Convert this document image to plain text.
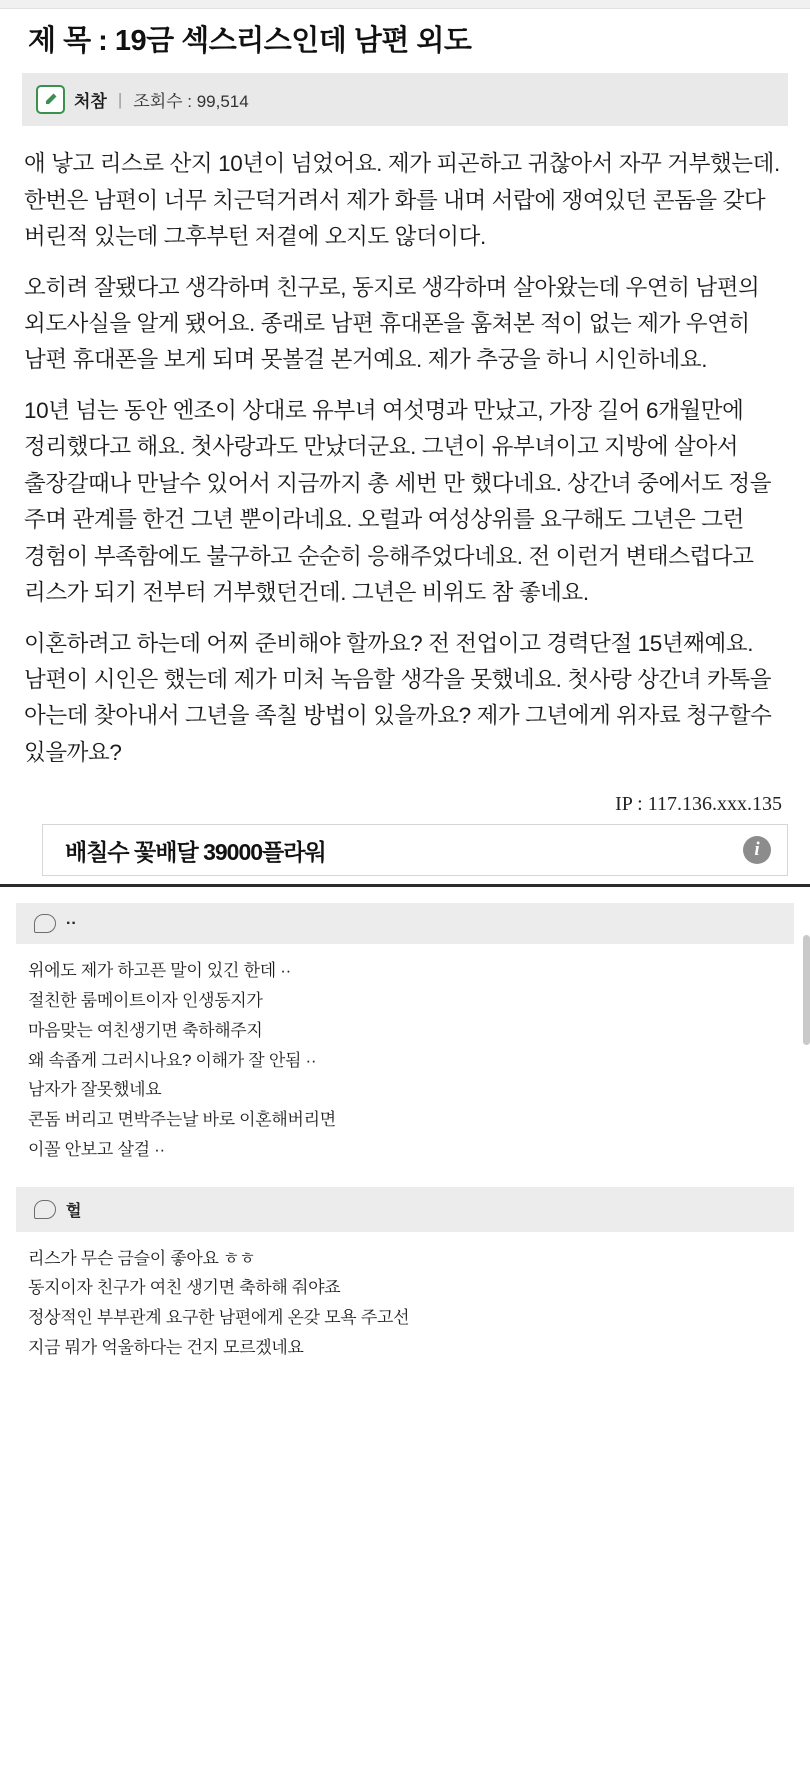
제 목 : 19금 섹스리스인데 남편 외도
처참 | 조회수 : 99,514

애 낳고 리스로 산지 10년이 넘었어요. 제가 피곤하고 귀찮아서 자꾸 거부했는데. 한번은 남편이 너무 치근덕거려서 제가 화를 내며 서랍에 쟁여있던 콘돔을 갖다 버린적 있는데 그후부턴 저곁에 오지도 않더이다.

오히려 잘됐다고 생각하며 친구로, 동지로 생각하며 살아왔는데 우연히 남편의 외도사실을 알게 됐어요. 종래로 남편 휴대폰을 훔쳐본 적이 없는 제가 우연히 남편 휴대폰을 보게 되며 못볼걸 본거예요. 제가 추궁을 하니 시인하네요.

10년 넘는 동안 엔조이 상대로 유부녀 여섯명과 만났고, 가장 길어 6개월만에 정리했다고 해요. 첫사랑과도 만났더군요. 그년이 유부녀이고 지방에 살아서 출장갈때나 만날수 있어서 지금까지 총 세번 만 했다네요. 상간녀 중에서도 정을 주며 관계를 한건 그년 뿐이라네요. 오럴과 여성상위를 요구해도 그년은 그런 경험이 부족함에도 불구하고 순순히 응해주었다네요. 전 이런거 변태스럽다고 리스가 되기 전부터 거부했던건데. 그년은 비위도 참 좋네요.

이혼하려고 하는데 어찌 준비해야 할까요? 전 전업이고 경력단절 15년째예요. 남편이 시인은 했는데 제가 미처 녹음할 생각을 못했네요. 첫사랑 상간녀 카톡을 아는데 찾아내서 그년을 족칠 방법이 있을까요? 제가 그년에게 위자료 청구할수 있을까요?

IP : 117.136.xxx.135
배칠수 꽃배달 39000플라워	i
··
위에도 제가 하고픈 말이 있긴 한데 ··
절친한 룸메이트이자 인생동지가
마음맞는 여친생기면 축하해주지
왜 속좁게 그러시나요? 이해가 잘 안됨 ··
남자가 잘못했네요
콘돔 버리고 면박주는날 바로 이혼해버리면
이꼴 안보고 살걸 ··
헐
리스가 무슨 금슬이 좋아요 ㅎㅎ
동지이자 친구가 여친 생기면 축하해 줘야죠
정상적인 부부관계 요구한 남편에게 온갖 모욕 주고선
지금 뭐가 억울하다는 건지 모르겠네요
